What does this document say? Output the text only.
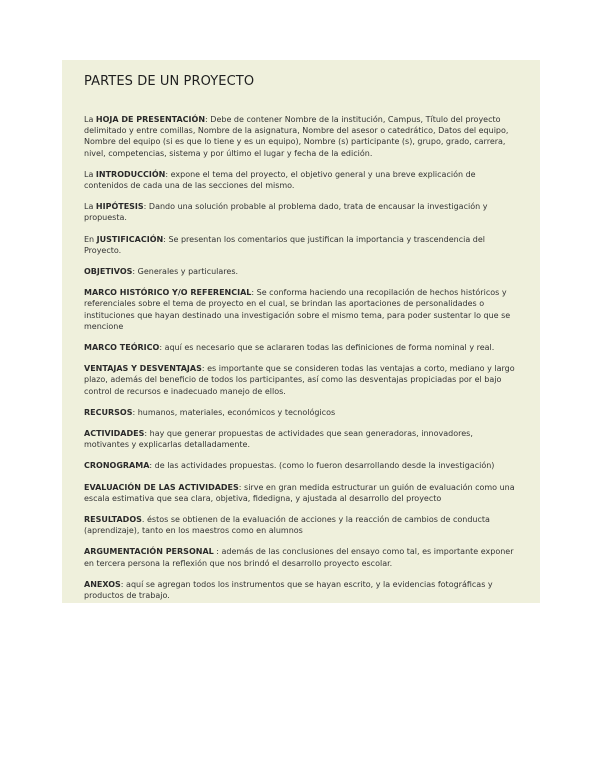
PARTES DE UN PROYECTO

La HOJA DE PRESENTACIÓN: Debe de contener Nombre de la institución, Campus, Título del proyecto delimitado y entre comillas, Nombre de la asignatura, Nombre del asesor o catedrático, Datos del equipo, Nombre del equipo (si es que lo tiene y es un equipo), Nombre (s) participante (s), grupo, grado, carrera, nivel, competencias, sistema y por último el lugar y fecha de la edición.

La INTRODUCCIÓN: expone el tema del proyecto, el objetivo general y una breve explicación de contenidos de cada una de las secciones del mismo.

La HIPÓTESIS: Dando una solución probable al problema dado, trata de encausar la investigación y propuesta.

En JUSTIFICACIÓN: Se presentan los comentarios que justifican la importancia y trascendencia del Proyecto.

OBJETIVOS: Generales y particulares.

MARCO HISTÓRICO Y/O REFERENCIAL: Se conforma haciendo una recopilación de hechos históricos y referenciales sobre el tema de proyecto en el cual, se brindan las aportaciones de personalidades o instituciones que hayan destinado una investigación sobre el mismo tema, para poder sustentar lo que se mencione

MARCO TEÓRICO: aquí es necesario que se aclararen todas las definiciones de forma nominal y real.

VENTAJAS Y DESVENTAJAS: es importante que se consideren todas las ventajas a corto, mediano y largo plazo, además del beneficio de todos los participantes, así como las desventajas propiciadas por el bajo control de recursos e inadecuado manejo de ellos.

RECURSOS: humanos, materiales, económicos y tecnológicos

ACTIVIDADES: hay que generar propuestas de actividades que sean generadoras, innovadores, motivantes y explicarlas detalladamente.

CRONOGRAMA: de las actividades propuestas. (como lo fueron desarrollando desde la investigación)

EVALUACIÓN DE LAS ACTIVIDADES: sirve en gran medida estructurar un guión de evaluación como una escala estimativa que sea clara, objetiva, fidedigna, y ajustada al desarrollo del proyecto

RESULTADOS. éstos se obtienen de la evaluación de acciones y la reacción de cambios de conducta (aprendizaje), tanto en los maestros como en alumnos

ARGUMENTACIÓN PERSONAL : además de las conclusiones del ensayo como tal, es importante exponer en tercera persona la reflexión que nos brindó el desarrollo proyecto escolar.

ANEXOS: aquí se agregan todos los instrumentos que se hayan escrito, y la evidencias fotográficas y productos de trabajo.
